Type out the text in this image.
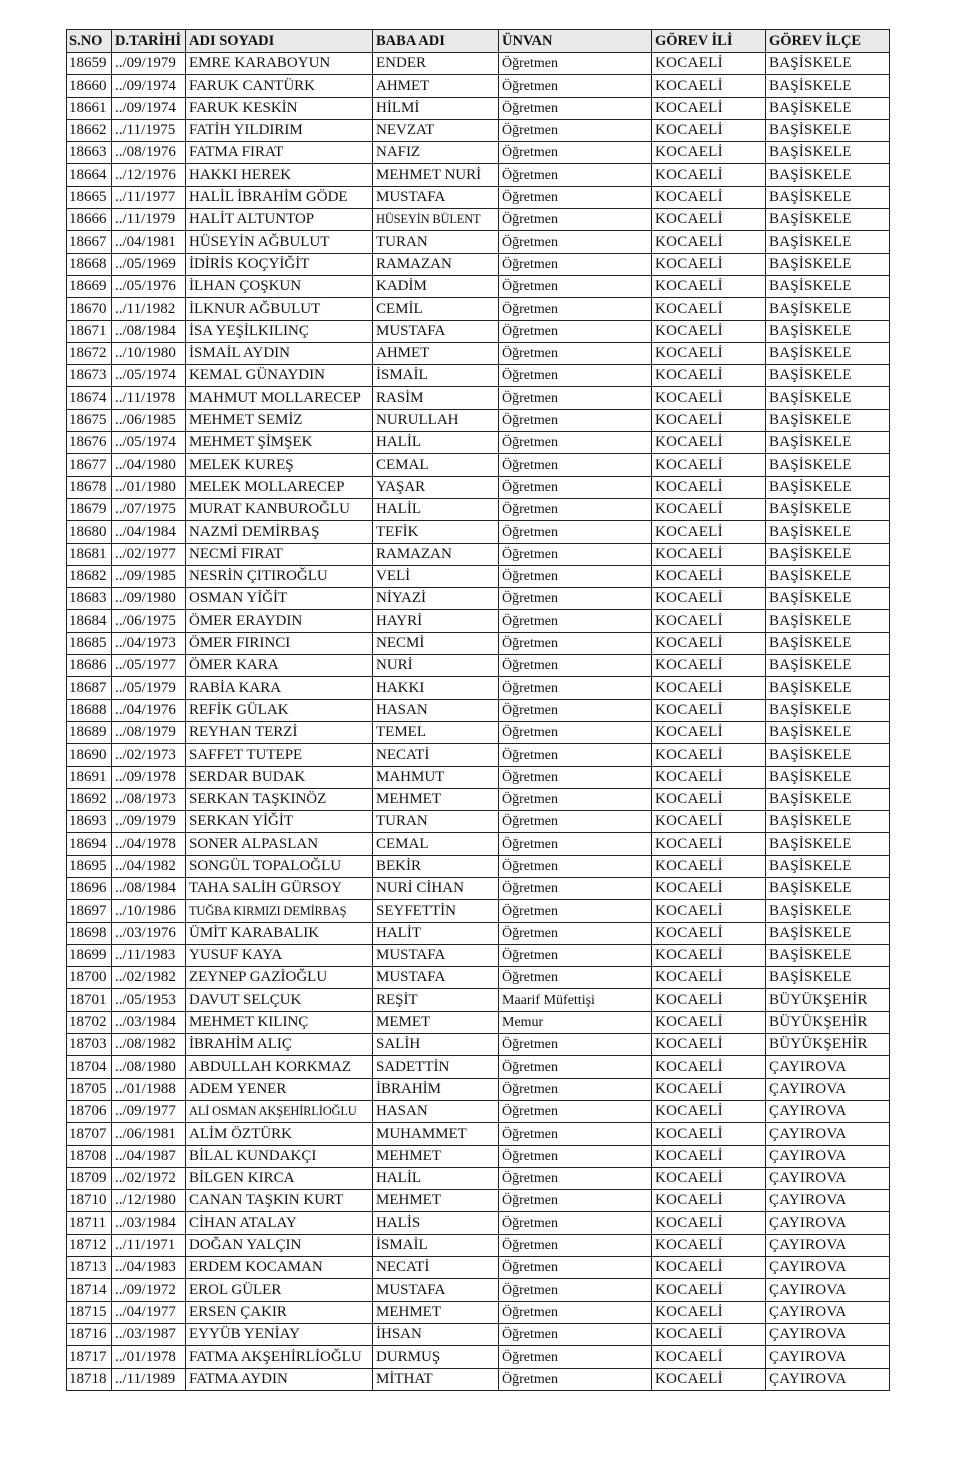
S.NO	D.TARİHİ	ADI SOYADI	BABA ADI	ÜNVAN	GÖREV İLİ	GÖREV İLÇE
18659	../09/1979	EMRE KARABOYUN	ENDER	Öğretmen	KOCAELİ	BAŞİSKELE
18660	../09/1974	FARUK CANTÜRK	AHMET	Öğretmen	KOCAELİ	BAŞİSKELE
18661	../09/1974	FARUK KESKİN	HİLMİ	Öğretmen	KOCAELİ	BAŞİSKELE
18662	../11/1975	FATİH YILDIRIM	NEVZAT	Öğretmen	KOCAELİ	BAŞİSKELE
18663	../08/1976	FATMA FIRAT	NAFIZ	Öğretmen	KOCAELİ	BAŞİSKELE
18664	../12/1976	HAKKI HEREK	MEHMET NURİ	Öğretmen	KOCAELİ	BAŞİSKELE
18665	../11/1977	HALİL İBRAHİM GÖDE	MUSTAFA	Öğretmen	KOCAELİ	BAŞİSKELE
18666	../11/1979	HALİT ALTUNTOP	HÜSEYİN BÜLENT	Öğretmen	KOCAELİ	BAŞİSKELE
18667	../04/1981	HÜSEYİN AĞBULUT	TURAN	Öğretmen	KOCAELİ	BAŞİSKELE
18668	../05/1969	İDİRİS KOÇYİĞİT	RAMAZAN	Öğretmen	KOCAELİ	BAŞİSKELE
18669	../05/1976	İLHAN ÇOŞKUN	KADİM	Öğretmen	KOCAELİ	BAŞİSKELE
18670	../11/1982	İLKNUR AĞBULUT	CEMİL	Öğretmen	KOCAELİ	BAŞİSKELE
18671	../08/1984	İSA YEŞİLKILINÇ	MUSTAFA	Öğretmen	KOCAELİ	BAŞİSKELE
18672	../10/1980	İSMAİL AYDIN	AHMET	Öğretmen	KOCAELİ	BAŞİSKELE
18673	../05/1974	KEMAL GÜNAYDIN	İSMAİL	Öğretmen	KOCAELİ	BAŞİSKELE
18674	../11/1978	MAHMUT MOLLARECEP	RASİM	Öğretmen	KOCAELİ	BAŞİSKELE
18675	../06/1985	MEHMET SEMİZ	NURULLAH	Öğretmen	KOCAELİ	BAŞİSKELE
18676	../05/1974	MEHMET ŞİMŞEK	HALİL	Öğretmen	KOCAELİ	BAŞİSKELE
18677	../04/1980	MELEK KUREŞ	CEMAL	Öğretmen	KOCAELİ	BAŞİSKELE
18678	../01/1980	MELEK MOLLARECEP	YAŞAR	Öğretmen	KOCAELİ	BAŞİSKELE
18679	../07/1975	MURAT KANBUROĞLU	HALİL	Öğretmen	KOCAELİ	BAŞİSKELE
18680	../04/1984	NAZMİ DEMİRBAŞ	TEFİK	Öğretmen	KOCAELİ	BAŞİSKELE
18681	../02/1977	NECMİ FIRAT	RAMAZAN	Öğretmen	KOCAELİ	BAŞİSKELE
18682	../09/1985	NESRİN ÇITIROĞLU	VELİ	Öğretmen	KOCAELİ	BAŞİSKELE
18683	../09/1980	OSMAN YİĞİT	NİYAZİ	Öğretmen	KOCAELİ	BAŞİSKELE
18684	../06/1975	ÖMER ERAYDIN	HAYRİ	Öğretmen	KOCAELİ	BAŞİSKELE
18685	../04/1973	ÖMER FIRINCI	NECMİ	Öğretmen	KOCAELİ	BAŞİSKELE
18686	../05/1977	ÖMER KARA	NURİ	Öğretmen	KOCAELİ	BAŞİSKELE
18687	../05/1979	RABİA KARA	HAKKI	Öğretmen	KOCAELİ	BAŞİSKELE
18688	../04/1976	REFİK GÜLAK	HASAN	Öğretmen	KOCAELİ	BAŞİSKELE
18689	../08/1979	REYHAN TERZİ	TEMEL	Öğretmen	KOCAELİ	BAŞİSKELE
18690	../02/1973	SAFFET TUTEPE	NECATİ	Öğretmen	KOCAELİ	BAŞİSKELE
18691	../09/1978	SERDAR BUDAK	MAHMUT	Öğretmen	KOCAELİ	BAŞİSKELE
18692	../08/1973	SERKAN TAŞKINÖZ	MEHMET	Öğretmen	KOCAELİ	BAŞİSKELE
18693	../09/1979	SERKAN YİĞİT	TURAN	Öğretmen	KOCAELİ	BAŞİSKELE
18694	../04/1978	SONER ALPASLAN	CEMAL	Öğretmen	KOCAELİ	BAŞİSKELE
18695	../04/1982	SONGÜL TOPALOĞLU	BEKİR	Öğretmen	KOCAELİ	BAŞİSKELE
18696	../08/1984	TAHA SALİH GÜRSOY	NURİ CİHAN	Öğretmen	KOCAELİ	BAŞİSKELE
18697	../10/1986	TUĞBA KIRMIZI DEMİRBAŞ	SEYFETTİN	Öğretmen	KOCAELİ	BAŞİSKELE
18698	../03/1976	ÜMİT KARABALIK	HALİT	Öğretmen	KOCAELİ	BAŞİSKELE
18699	../11/1983	YUSUF KAYA	MUSTAFA	Öğretmen	KOCAELİ	BAŞİSKELE
18700	../02/1982	ZEYNEP GAZİOĞLU	MUSTAFA	Öğretmen	KOCAELİ	BAŞİSKELE
18701	../05/1953	DAVUT SELÇUK	REŞİT	Maarif Müfettişi	KOCAELİ	BÜYÜKŞEHİR
18702	../03/1984	MEHMET KILINÇ	MEMET	Memur	KOCAELİ	BÜYÜKŞEHİR
18703	../08/1982	İBRAHİM ALIÇ	SALİH	Öğretmen	KOCAELİ	BÜYÜKŞEHİR
18704	../08/1980	ABDULLAH KORKMAZ	SADETTİN	Öğretmen	KOCAELİ	ÇAYIROVA
18705	../01/1988	ADEM YENER	İBRAHİM	Öğretmen	KOCAELİ	ÇAYIROVA
18706	../09/1977	ALİ OSMAN AKŞEHİRLİOĞLU	HASAN	Öğretmen	KOCAELİ	ÇAYIROVA
18707	../06/1981	ALİM ÖZTÜRK	MUHAMMET	Öğretmen	KOCAELİ	ÇAYIROVA
18708	../04/1987	BİLAL KUNDAKÇI	MEHMET	Öğretmen	KOCAELİ	ÇAYIROVA
18709	../02/1972	BİLGEN KIRCA	HALİL	Öğretmen	KOCAELİ	ÇAYIROVA
18710	../12/1980	CANAN TAŞKIN KURT	MEHMET	Öğretmen	KOCAELİ	ÇAYIROVA
18711	../03/1984	CİHAN ATALAY	HALİS	Öğretmen	KOCAELİ	ÇAYIROVA
18712	../11/1971	DOĞAN YALÇIN	İSMAİL	Öğretmen	KOCAELİ	ÇAYIROVA
18713	../04/1983	ERDEM KOCAMAN	NECATİ	Öğretmen	KOCAELİ	ÇAYIROVA
18714	../09/1972	EROL GÜLER	MUSTAFA	Öğretmen	KOCAELİ	ÇAYIROVA
18715	../04/1977	ERSEN ÇAKIR	MEHMET	Öğretmen	KOCAELİ	ÇAYIROVA
18716	../03/1987	EYYÜB YENİAY	İHSAN	Öğretmen	KOCAELİ	ÇAYIROVA
18717	../01/1978	FATMA AKŞEHİRLİOĞLU	DURMUŞ	Öğretmen	KOCAELİ	ÇAYIROVA
18718	../11/1989	FATMA AYDIN	MİTHAT	Öğretmen	KOCAELİ	ÇAYIROVA
